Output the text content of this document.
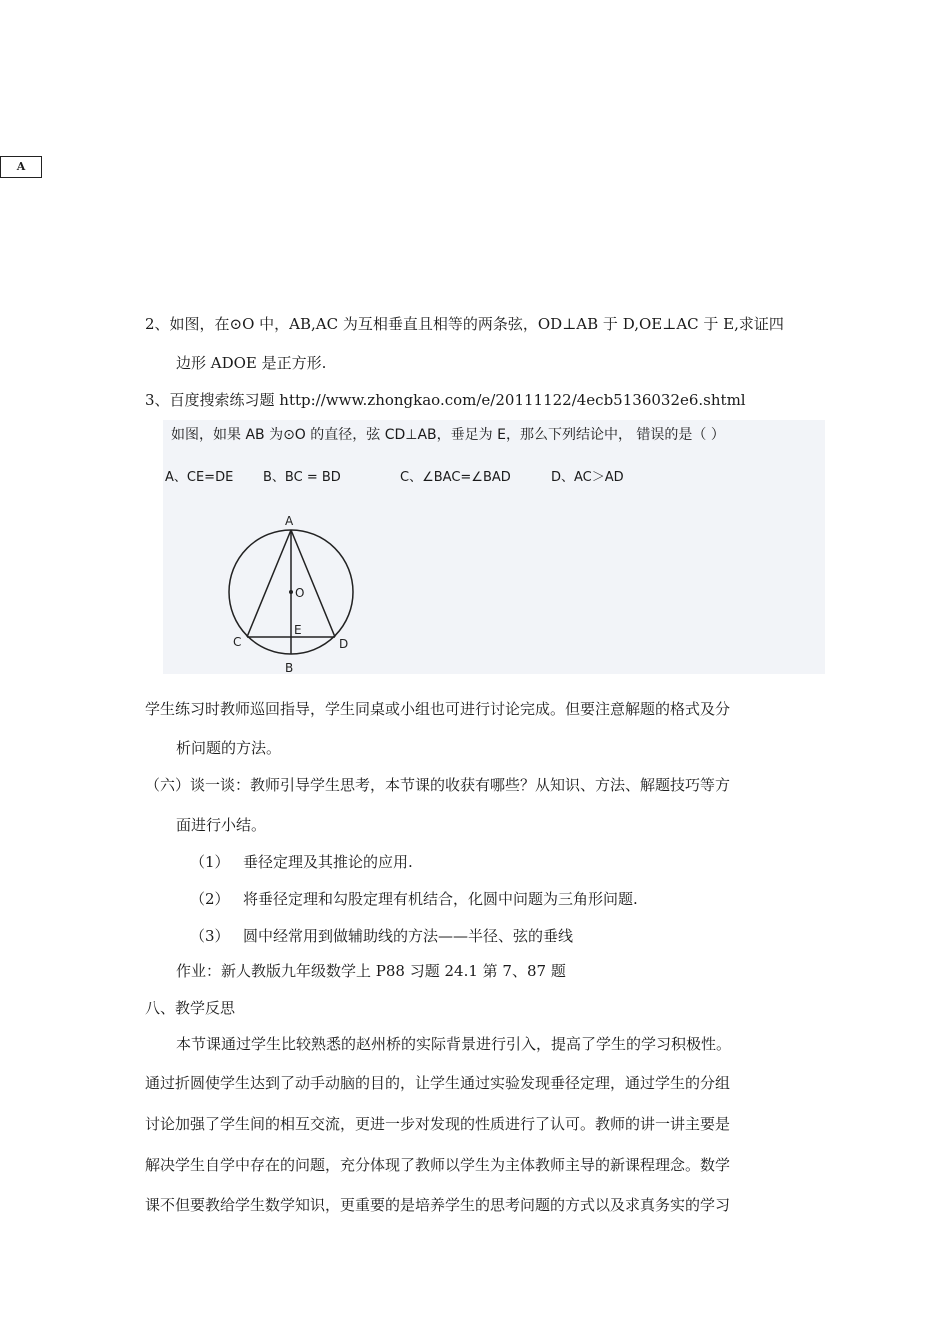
A
2、如图，在⊙O 中，AB,AC 为互相垂直且相等的两条弦，OD⊥AB 于 D,OE⊥AC 于 E,求证四
边形 ADOE 是正方形.
3、百度搜索练习题 http://www.zhongkao.com/e/20111122/4ecb5136032e6.shtml
如图，如果 AB 为⊙O 的直径，弦 CD⊥AB，垂足为 E，那么下列结论中， 错误的是（ ）
A、CE=DE B、BC = BD	C、∠BAC=∠BAD	D、AC＞AD
A
O
E
C	D
B
学生练习时教师巡回指导，学生同桌或小组也可进行讨论完成。但要注意解题的格式及分
析问题的方法。
（六）谈一谈：教师引导学生思考，本节课的收获有哪些？从知识、方法、解题技巧等方
面进行小结。
（1） 垂径定理及其推论的应用.
（2） 将垂径定理和勾股定理有机结合，化圆中问题为三角形问题.
（3） 圆中经常用到做辅助线的方法——半径、弦的垂线
作业：新人教版九年级数学上 P88 习题 24.1 第 7、87 题
八、教学反思
本节课通过学生比较熟悉的赵州桥的实际背景进行引入，提高了学生的学习积极性。
通过折圆使学生达到了动手动脑的目的，让学生通过实验发现垂径定理，通过学生的分组
讨论加强了学生间的相互交流，更进一步对发现的性质进行了认可。教师的讲一讲主要是
解决学生自学中存在的问题，充分体现了教师以学生为主体教师主导的新课程理念。数学
课不但要教给学生数学知识，更重要的是培养学生的思考问题的方式以及求真务实的学习
